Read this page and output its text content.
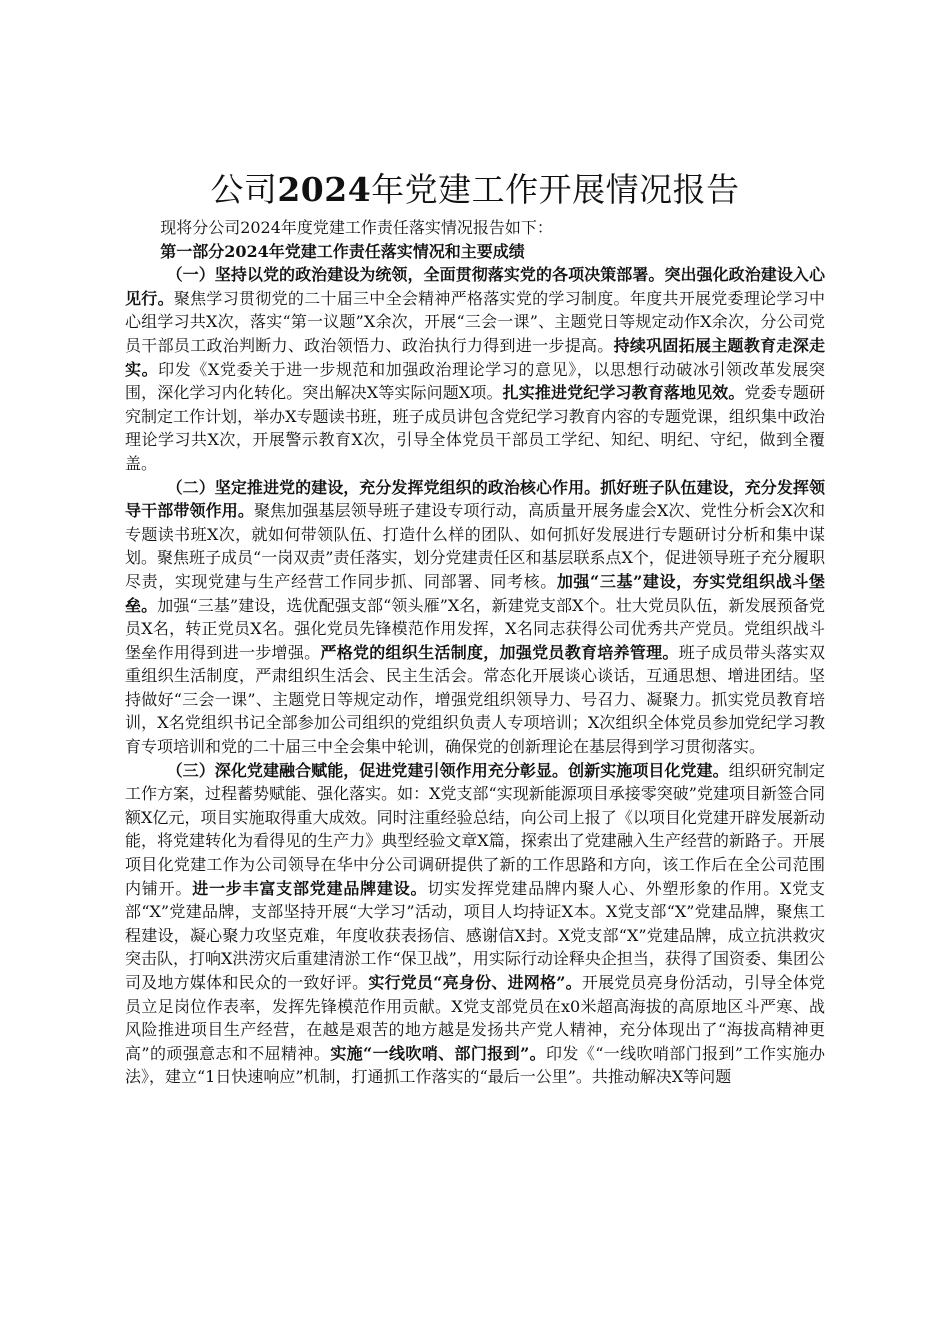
公司2024年党建工作开展情况报告

现将分公司2024年度党建工作责任落实情况报告如下：

第一部分2024年党建工作责任落实情况和主要成绩

（一）坚持以党的政治建设为统领，全面贯彻落实党的各项决策部署。突出强化政治建设入心见行。聚焦学习贯彻党的二十届三中全会精神严格落实党的学习制度。年度共开展党委理论学习中心组学习共X次，落实“第一议题”X余次，开展“三会一课”、主题党日等规定动作X余次，分公司党员干部员工政治判断力、政治领悟力、政治执行力得到进一步提高。持续巩固拓展主题教育走深走实。印发《X党委关于进一步规范和加强政治理论学习的意见》，以思想行动破冰引领改革发展突围，深化学习内化转化。突出解决X等实际问题X项。扎实推进党纪学习教育落地见效。党委专题研究制定工作计划，举办X专题读书班，班子成员讲包含党纪学习教育内容的专题党课，组织集中政治理论学习共X次，开展警示教育X次，引导全体党员干部员工学纪、知纪、明纪、守纪，做到全覆盖。

（二）坚定推进党的建设，充分发挥党组织的政治核心作用。抓好班子队伍建设，充分发挥领导干部带领作用。聚焦加强基层领导班子建设专项行动，高质量开展务虚会X次、党性分析会X次和专题读书班X次，就如何带领队伍、打造什么样的团队、如何抓好发展进行专题研讨分析和集中谋划。聚焦班子成员“一岗双责”责任落实，划分党建责任区和基层联系点X个，促进领导班子充分履职尽责，实现党建与生产经营工作同步抓、同部署、同考核。加强“三基”建设，夯实党组织战斗堡垒。加强“三基”建设，选优配强支部“领头雁”X名，新建党支部X个。壮大党员队伍，新发展预备党员X名，转正党员X名。强化党员先锋模范作用发挥，X名同志获得公司优秀共产党员。党组织战斗堡垒作用得到进一步增强。严格党的组织生活制度，加强党员教育培养管理。班子成员带头落实双重组织生活制度，严肃组织生活会、民主生活会。常态化开展谈心谈话，互通思想、增进团结。坚持做好“三会一课”、主题党日等规定动作，增强党组织领导力、号召力、凝聚力。抓实党员教育培训，X名党组织书记全部参加公司组织的党组织负责人专项培训；X次组织全体党员参加党纪学习教育专项培训和党的二十届三中全会集中轮训，确保党的创新理论在基层得到学习贯彻落实。

（三）深化党建融合赋能，促进党建引领作用充分彰显。创新实施项目化党建。组织研究制定工作方案，过程蓄势赋能、强化落实。如：X党支部“实现新能源项目承接零突破”党建项目新签合同额X亿元，项目实施取得重大成效。同时注重经验总结，向公司上报了《以项目化党建开辟发展新动能，将党建转化为看得见的生产力》典型经验文章X篇，探索出了党建融入生产经营的新路子。开展项目化党建工作为公司领导在华中分公司调研提供了新的工作思路和方向，该工作后在全公司范围内铺开。进一步丰富支部党建品牌建设。切实发挥党建品牌内聚人心、外塑形象的作用。X党支部“X”党建品牌，支部坚持开展“大学习”活动，项目人均持证X本。X党支部“X”党建品牌，聚焦工程建设，凝心聚力攻坚克难，年度收获表扬信、感谢信X封。X党支部“X”党建品牌，成立抗洪救灾突击队，打响X洪涝灾后重建清淤工作“保卫战”，用实际行动诠释央企担当，获得了国资委、集团公司及地方媒体和民众的一致好评。实行党员“亮身份、进网格”。开展党员亮身份活动，引导全体党员立足岗位作表率，发挥先锋模范作用贡献。X党支部党员在x0米超高海拔的高原地区斗严寒、战风险推进项目生产经营，在越是艰苦的地方越是发扬共产党人精神，充分体现出了“海拔高精神更高”的顽强意志和不屈精神。实施“一线吹哨、部门报到”。印发《“一线吹哨部门报到”工作实施办法》，建立“1日快速响应”机制，打通抓工作落实的“最后一公里”。共推动解决X等问题
